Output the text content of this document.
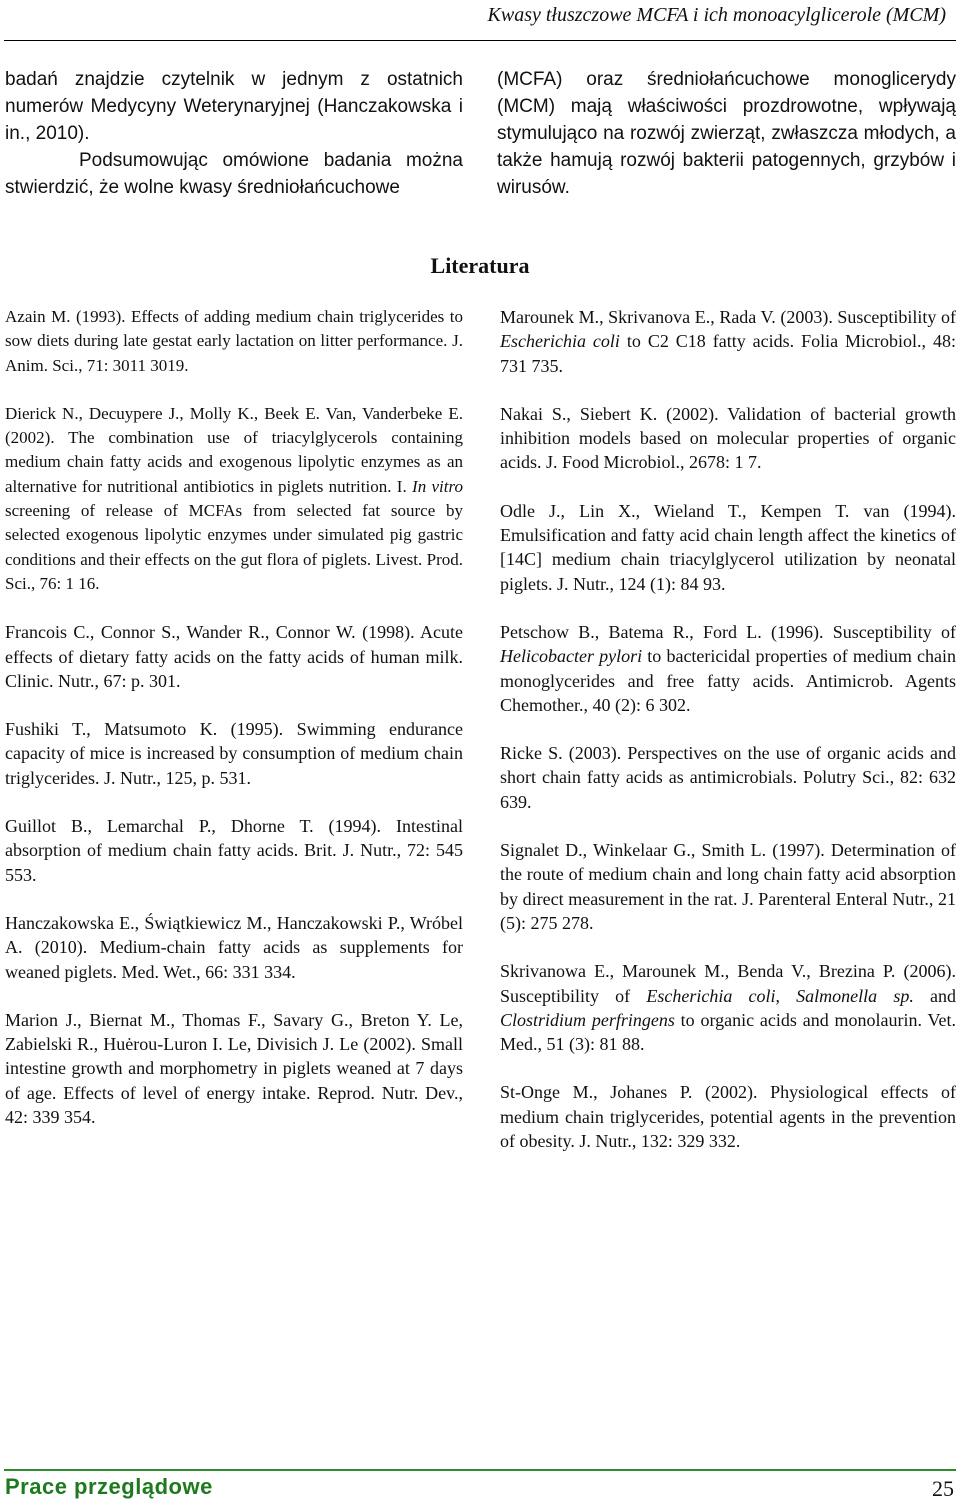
Kwasy tłuszczowe MCFA i ich monoacylglicerole (MCM)

badań znajdzie czytelnik w jednym z ostatnich numerów Medycyny Weterynaryjnej (Hanczakowska i in., 2010).

Podsumowując omówione badania można stwierdzić, że wolne kwasy średniołańcuchowe

(MCFA) oraz średniołańcuchowe monoglicerydy (MCM) mają właściwości prozdrowotne, wpływają stymulująco na rozwój zwierząt, zwłaszcza młodych, a także hamują rozwój bakterii patogennych, grzybów i wirusów.

Literatura

Azain M. (1993). Effects of adding medium chain triglycerides to sow diets during late gestat early lactation on litter performance. J. Anim. Sci., 71: 3011 3019.

Dierick N., Decuypere J., Molly K., Beek E. Van, Vanderbeke E. (2002). The combination use of triacylglycerols containing medium chain fatty acids and exogenous lipolytic enzymes as an alternative for nutritional antibiotics in piglets nutrition. I. In vitro screening of release of MCFAs from selected fat source by selected exogenous lipolytic enzymes under simulated pig gastric conditions and their effects on the gut flora of piglets. Livest. Prod. Sci., 76: 1 16.

Francois C., Connor S., Wander R., Connor W. (1998). Acute effects of dietary fatty acids on the fatty acids of human milk. Clinic. Nutr., 67: p. 301.

Fushiki T., Matsumoto K. (1995). Swimming endurance capacity of mice is increased by consumption of medium chain triglycerides. J. Nutr., 125, p. 531.

Guillot B., Lemarchal P., Dhorne T. (1994). Intestinal absorption of medium chain fatty acids. Brit. J. Nutr., 72: 545 553.

Hanczakowska E., Świątkiewicz M., Hanczakowski P., Wróbel A. (2010). Medium-chain fatty acids as supplements for weaned piglets. Med. Wet., 66: 331 334.

Marion J., Biernat M., Thomas F., Savary G., Breton Y. Le, Zabielski R., Huėrou-Luron I. Le, Divisich J. Le (2002). Small intestine growth and morphometry in piglets weaned at 7 days of age. Effects of level of energy intake. Reprod. Nutr. Dev., 42: 339 354.

Marounek M., Skrivanova E., Rada V. (2003). Susceptibility of Escherichia coli to C2 C18 fatty acids. Folia Microbiol., 48: 731 735.

Nakai S., Siebert K. (2002). Validation of bacterial growth inhibition models based on molecular properties of organic acids. J. Food Microbiol., 2678: 1 7.

Odle J., Lin X., Wieland T., Kempen T. van (1994). Emulsification and fatty acid chain length affect the kinetics of [14C] medium chain triacylglycerol utilization by neonatal piglets. J. Nutr., 124 (1): 84 93.

Petschow B., Batema R., Ford L. (1996). Susceptibility of Helicobacter pylori to bactericidal properties of medium chain monoglycerides and free fatty acids. Antimicrob. Agents Chemother., 40 (2): 6 302.

Ricke S. (2003). Perspectives on the use of organic acids and short chain fatty acids as antimicrobials. Polutry Sci., 82: 632 639.

Signalet D., Winkelaar G., Smith L. (1997). Determination of the route of medium chain and long chain fatty acid absorption by direct measurement in the rat. J. Parenteral Enteral Nutr., 21 (5): 275 278.

Skrivanowa E., Marounek M., Benda V., Brezina P. (2006). Susceptibility of Escherichia coli, Salmonella sp. and Clostridium perfringens to organic acids and monolaurin. Vet. Med., 51 (3): 81 88.

St-Onge M., Johanes P. (2002). Physiological effects of medium chain triglycerides, potential agents in the prevention of obesity. J. Nutr., 132: 329 332.

Prace przeglądowe	25
